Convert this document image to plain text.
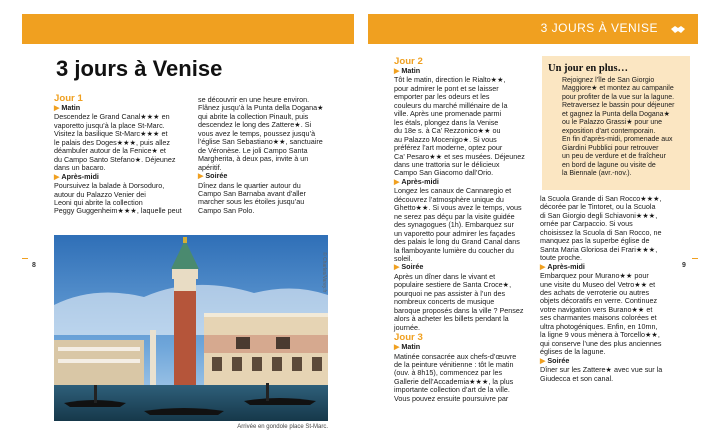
3 JOURS À VENISE
3 jours à Venise
8	9
Jour 1
▶ Matin

Descendez le Grand Canal★★★ en

vaporetto jusqu’à la place St-Marc.

Visitez la basilique St-Marc★★★ et

le palais des Doges★★★, puis allez

déambuler autour de la Fenice★ et

du Campo Santo Stefano★. Déjeunez

dans un bacaro.

▶ Après-midi

Poursuivez la balade à Dorsoduro,

autour du Palazzo Venier dei

Leoni qui abrite la collection

Peggy Guggenheim★★★, laquelle peut

se découvrir en une heure environ.

Flânez jusqu’à la Punta della Dogana★

qui abrite la collection Pinault, puis

descendez le long des Zattere★. Si

vous avez le temps, poussez jusqu’à

l’église San Sebastiano★★, sanctuaire

de Véronèse. Le joli Campo Santa

Margherita, à deux pas, invite à un

apéritif.

▶ Soirée

Dînez dans le quartier autour du

Campo San Barnaba avant d’aller

marcher sous les étoiles jusqu’au

Campo San Polo.

© Charles/Varey.fr
Arrivée en gondole place St-Marc.
Jour 2
▶ Matin

Tôt le matin, direction le Rialto★★,

pour admirer le pont et se laisser

emporter par les odeurs et les

couleurs du marché millénaire de la

ville. Après une promenade parmi

les étals, plongez dans la Venise

du 18e s. à Ca’ Rezzonico★★ ou

au Palazzo Mocenigo★. Si vous

préférez l’art moderne, optez pour

Ca’ Pesaro★★ et ses musées. Déjeunez

dans une trattoria sur le délicieux

Campo San Giacomo dall’Orio.

▶ Après-midi

Longez les canaux de Cannaregio et

découvrez l’atmosphère unique du

Ghetto★★. Si vous avez le temps, vous

ne serez pas déçu par la visite guidée

des synagogues (1h). Embarquez sur

un vaporetto pour admirer les façades

des palais le long du Grand Canal dans

la flamboyante lumière du coucher du

soleil.

▶ Soirée

Après un dîner dans le vivant et

populaire sestiere de Santa Croce★,

pourquoi ne pas assister à l’un des

nombreux concerts de musique

baroque proposés dans la ville ? Pensez

alors à acheter les billets pendant la

journée.

Jour 3
▶ Matin

Matinée consacrée aux chefs-d’œuvre

de la peinture vénitienne : tôt le matin

(ouv. à 8h15), commencez par les

Gallerie dell’Accademia★★★, la plus

importante collection d’art de la ville.

Vous pouvez ensuite poursuivre par

Un jour en plus…

Rejoignez l’île de San Giorgio

Maggiore★ et montez au campanile

pour profiter de la vue sur la lagune.

Retraversez le bassin pour déjeuner

et gagnez la Punta della Dogana★

ou le Palazzo Grassi★ pour une

exposition d’art contemporain.

En fin d’après-midi, promenade aux

Giardini Pubblici pour retrouver

un peu de verdure et de fraîcheur

en bord de lagune ou visite de

la Biennale (avr.-nov.).

la Scuola Grande di San Rocco★★★,

décorée par le Tintoret, ou la Scuola

di San Giorgio degli Schiavoni★★★,

ornée par Carpaccio. Si vous

choisissez la Scuola di San Rocco, ne

manquez pas la superbe église de

Santa Maria Gloriosa dei Frari★★★,

toute proche.

▶ Après-midi

Embarquez pour Murano★★ pour

une visite du Museo del Vetro★★ et

des achats de verroterie ou autres

objets décoratifs en verre. Continuez

votre navigation vers Burano★★ et

ses charmantes maisons colorées et

ultra photogéniques. Enfin, en 10mn,

la ligne 9 vous mènera à Torcello★★,

qui conserve l’une des plus anciennes

églises de la lagune.

▶ Soirée

Dîner sur les Zattere★ avec vue sur la

Giudecca et son canal.
